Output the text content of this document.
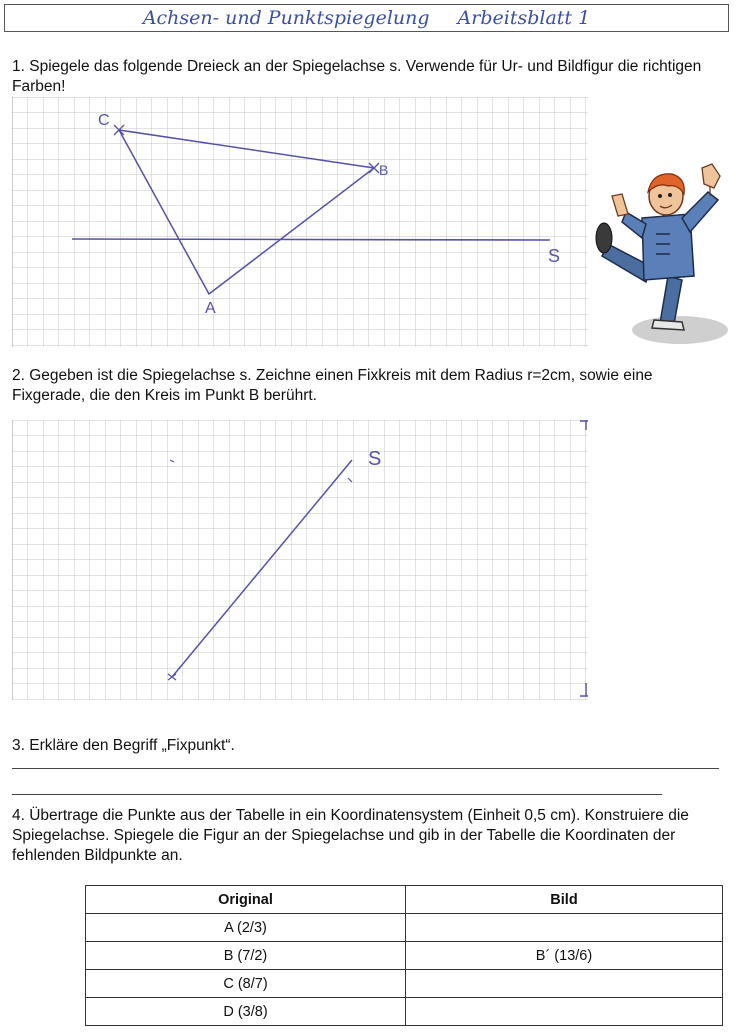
Achsen- und Punktspiegelung Arbeitsblatt 1
1. Spiegele das folgende Dreieck an der Spiegelachse s. Verwende für Ur- und Bildfigur die richtigen Farben!
C
B
A
S
2. Gegeben ist die Spiegelachse s. Zeichne einen Fixkreis mit dem Radius r=2cm, sowie eine Fixgerade, die den Kreis im Punkt B berührt.
S
3. Erkläre den Begriff „Fixpunkt“.
4. Übertrage die Punkte aus der Tabelle in ein Koordinatensystem (Einheit 0,5 cm). Konstruiere die Spiegelachse. Spiegele die Figur an der Spiegelachse und gib in der Tabelle die Koordinaten der fehlenden Bildpunkte an.
Original	Bild
A (2/3)	
B (7/2)	B´ (13/6)
C (8/7)	
D (3/8)	
